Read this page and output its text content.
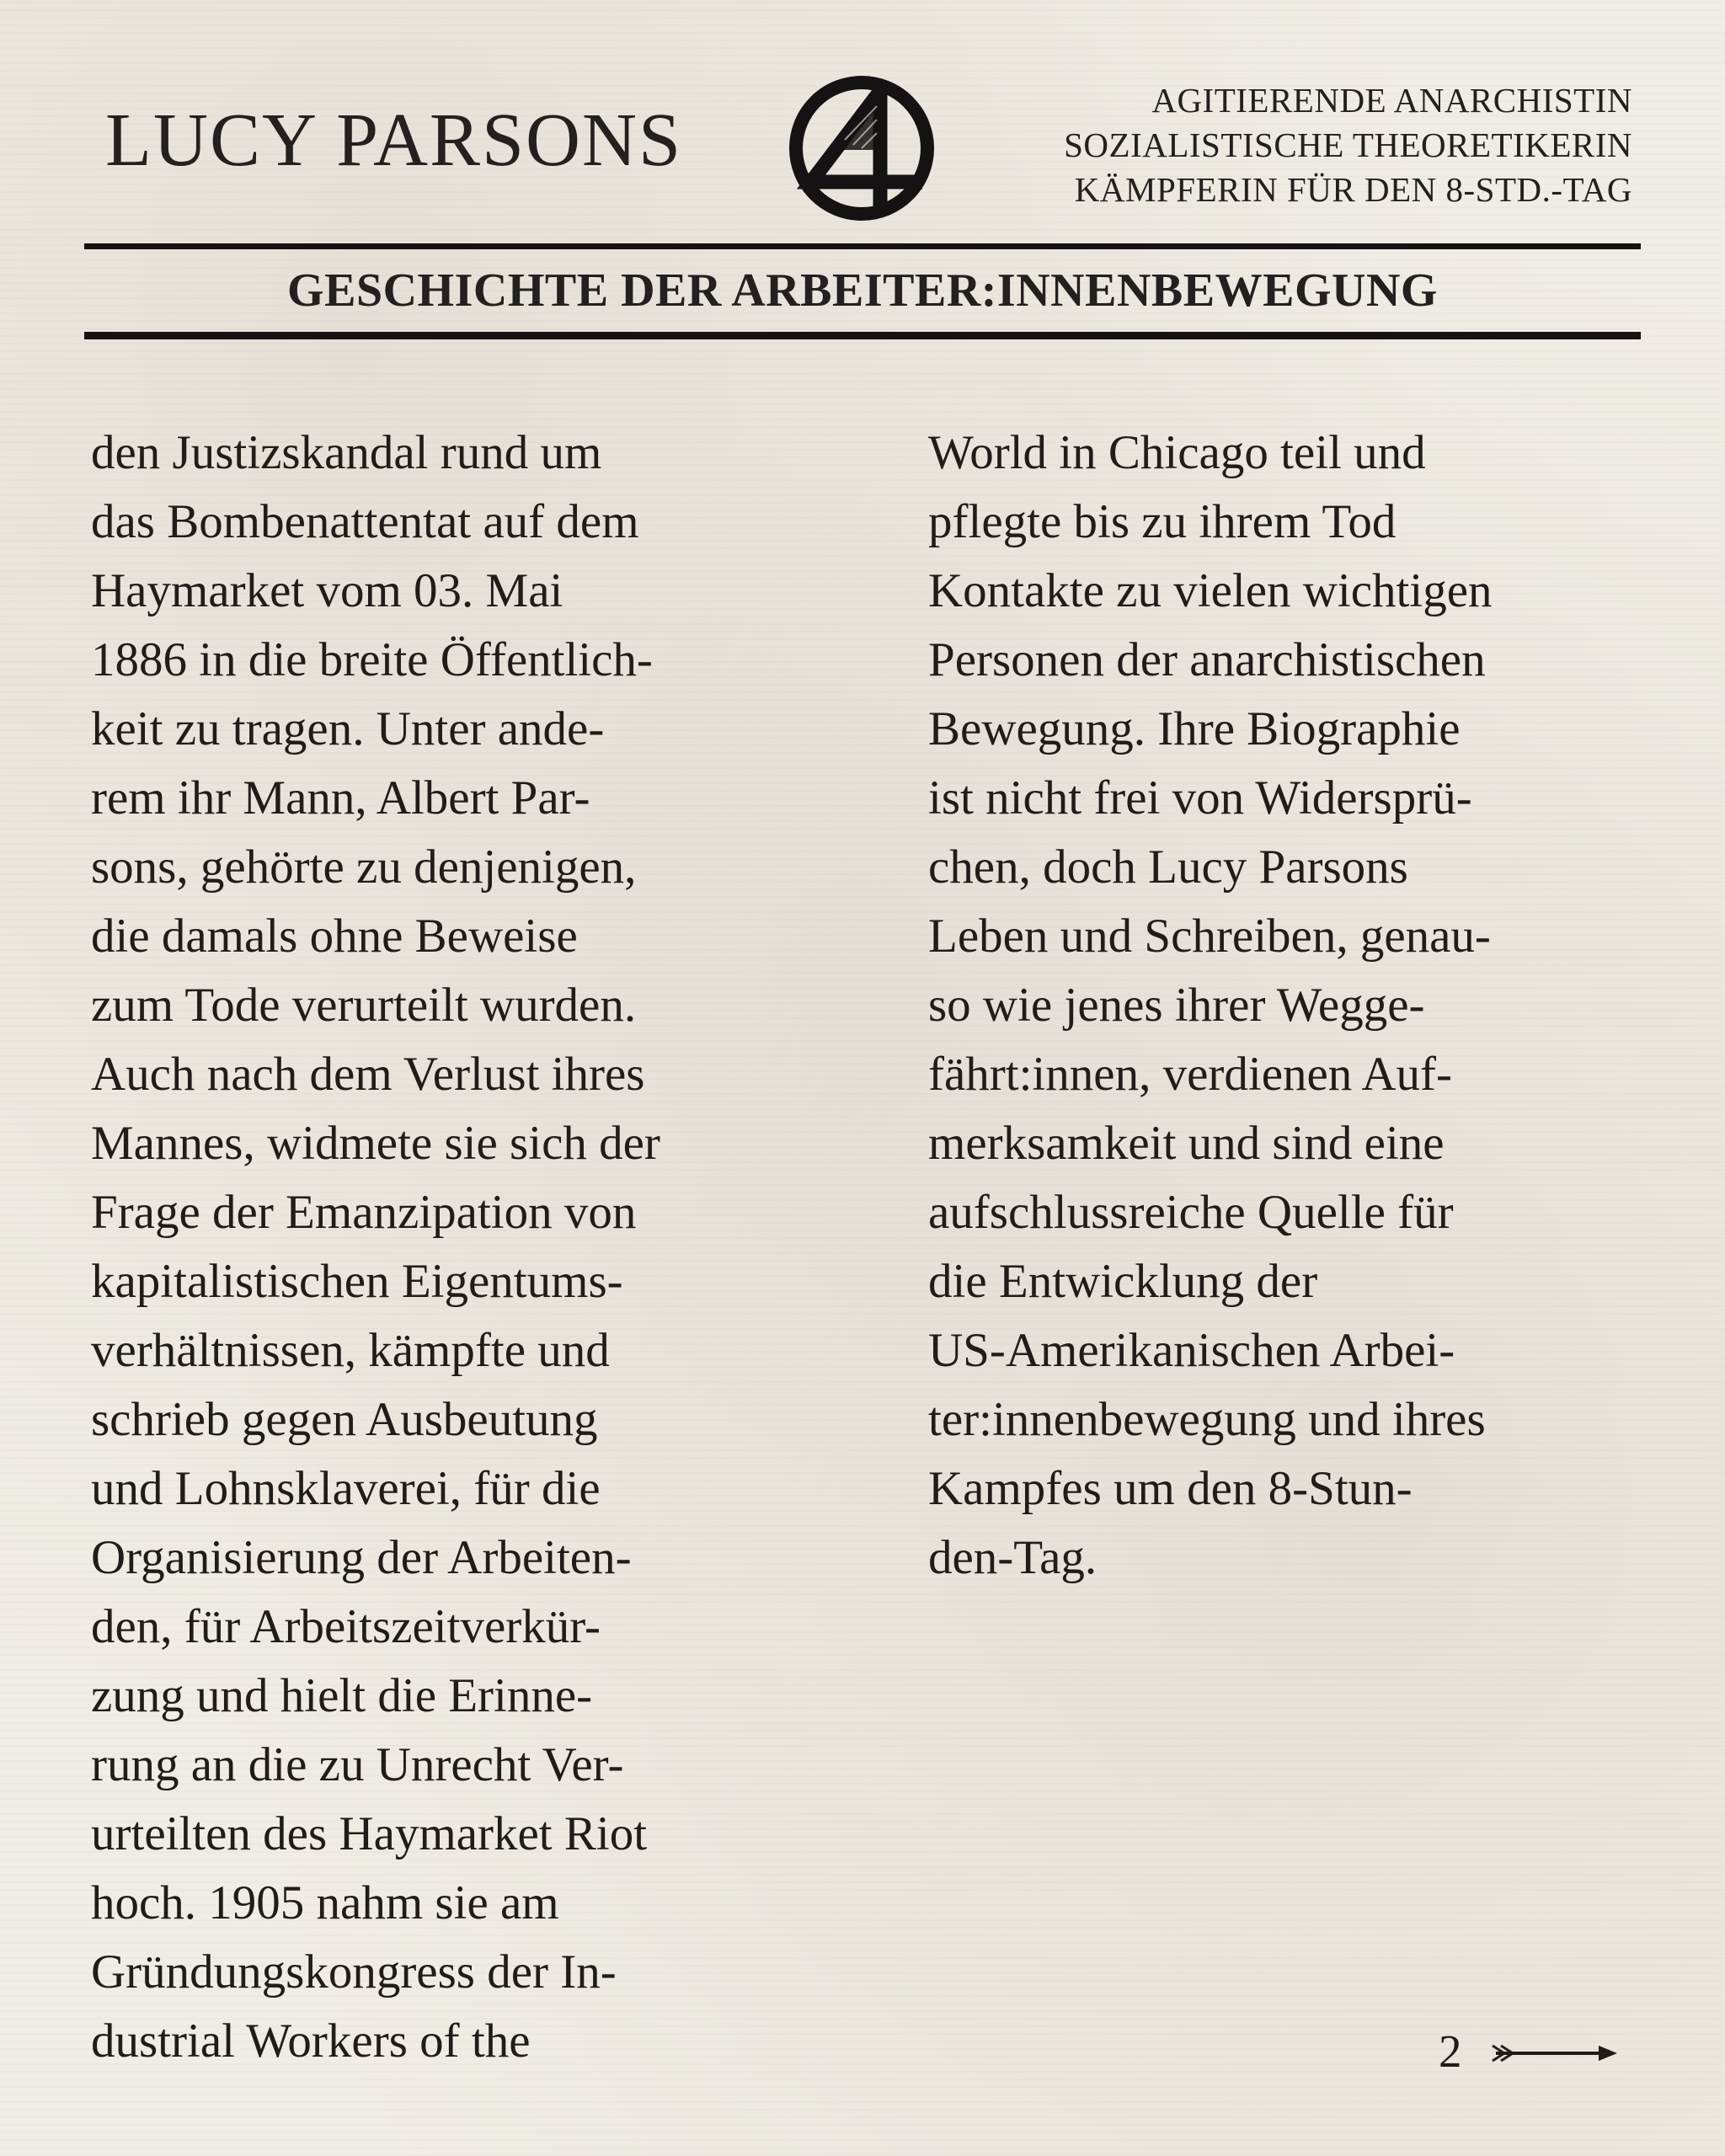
LUCY PARSONS	AGITIERENDE ANARCHISTIN
SOZIALISTISCHE THEORETIKERIN
KÄMPFERIN FÜR DEN 8-STD.-TAG
GESCHICHTE DER ARBEITER:INNENBEWEGUNG
den Justizskandal rund um
das Bombenattentat auf dem
Haymarket vom 03. Mai
1886 in die breite Öffentlich-
keit zu tragen. Unter ande-
rem ihr Mann, Albert Par-
sons, gehörte zu denjenigen,
die damals ohne Beweise
zum Tode verurteilt wurden.
Auch nach dem Verlust ihres
Mannes, widmete sie sich der
Frage der Emanzipation von
kapitalistischen Eigentums-
verhältnissen, kämpfte und
schrieb gegen Ausbeutung
und Lohnsklaverei, für die
Organisierung der Arbeiten-
den, für Arbeitszeitverkür-
zung und hielt die Erinne-
rung an die zu Unrecht Ver-
urteilten des Haymarket Riot
hoch. 1905 nahm sie am
Gründungskongress der In-
dustrial Workers of the
World in Chicago teil und
pflegte bis zu ihrem Tod
Kontakte zu vielen wichtigen
Personen der anarchistischen
Bewegung. Ihre Biographie
ist nicht frei von Widersprü-
chen, doch Lucy Parsons
Leben und Schreiben, genau-
so wie jenes ihrer Wegge-
fährt:innen, verdienen Auf-
merksamkeit und sind eine
aufschlussreiche Quelle für
die Entwicklung der
US-Amerikanischen Arbei-
ter:innenbewegung und ihres
Kampfes um den 8-Stun-
den-Tag.
2
